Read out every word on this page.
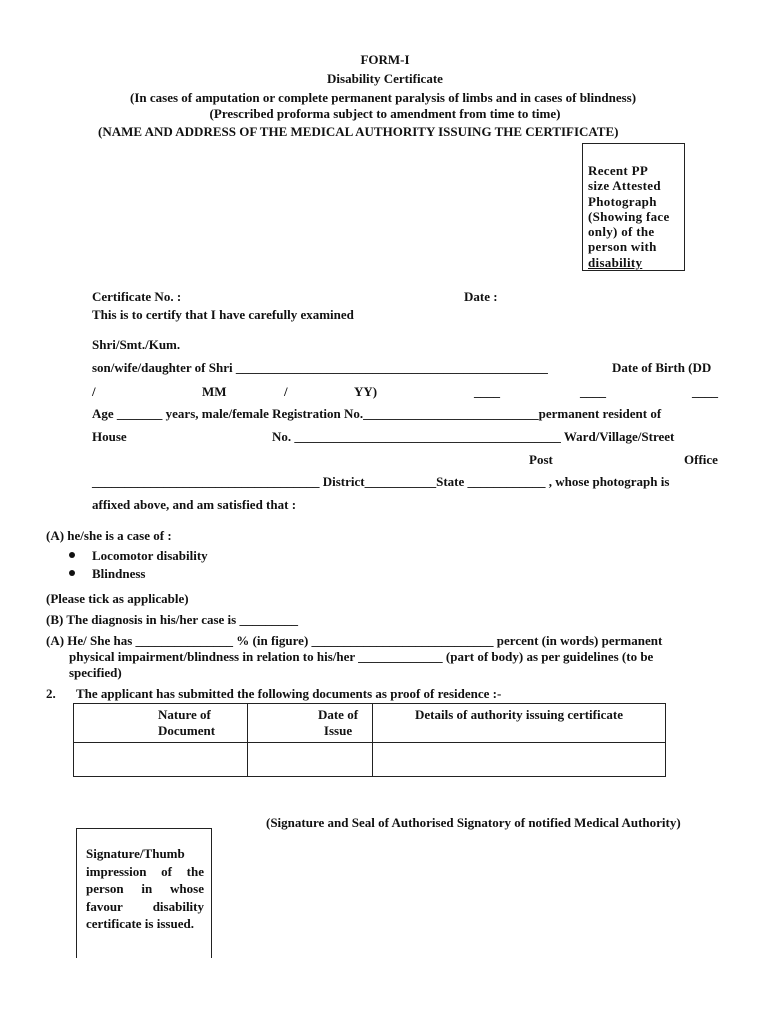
FORM-I
Disability Certificate
(In cases of amputation or complete permanent paralysis of limbs and in cases of blindness)
(Prescribed proforma subject to amendment from time to time)
(NAME AND ADDRESS OF THE MEDICAL AUTHORITY ISSUING THE CERTIFICATE)
Recent PP
size Attested
Photograph
(Showing face
only) of the
person with
disability
Certificate No. :	Date :
This is to certify that I have carefully examined
Shri/Smt./Kum.
son/wife/daughter of Shri ________________________________________________	Date of Birth (DD
/	MM	/	YY)	____	____	____
Age _______ years, male/female Registration No.___________________________permanent resident of
House	No. _________________________________________ Ward/Village/Street
Post	Office
___________________________________ District___________State ____________ , whose photograph is
affixed above, and am satisfied that :
(A) he/she is a case of :
Locomotor disability
Blindness
(Please tick as applicable)
(B) The diagnosis in his/her case is _________
(A) He/ She has _______________ % (in figure) ____________________________ percent (in words) permanent
physical impairment/blindness in relation to his/her _____________ (part of body) as per guidelines (to be
specified)
2. The applicant has submitted the following documents as proof of residence :-
Nature of Document	Date of Issue	Details of authority issuing certificate

(Signature and Seal of Authorised Signatory of notified Medical Authority)
Signature/Thumb impression of the person in whose favour disability certificate is issued.
